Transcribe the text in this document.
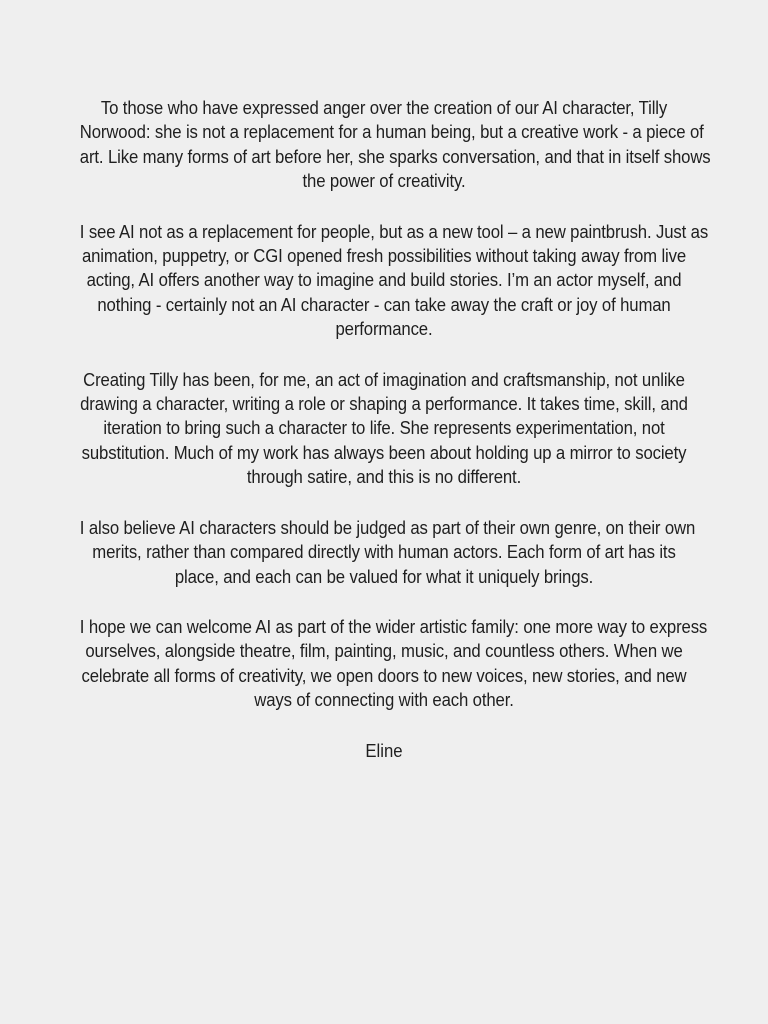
To those who have expressed anger over the creation of our AI character, Tilly
Norwood: she is not a replacement for a human being, but a creative work - a piece of
art. Like many forms of art before her, she sparks conversation, and that in itself shows
the power of creativity.

I see AI not as a replacement for people, but as a new tool – a new paintbrush. Just as
animation, puppetry, or CGI opened fresh possibilities without taking away from live
acting, AI offers another way to imagine and build stories. I’m an actor myself, and
nothing - certainly not an AI character - can take away the craft or joy of human
performance.

Creating Tilly has been, for me, an act of imagination and craftsmanship, not unlike
drawing a character, writing a role or shaping a performance. It takes time, skill, and
iteration to bring such a character to life. She represents experimentation, not
substitution. Much of my work has always been about holding up a mirror to society
through satire, and this is no different.

I also believe AI characters should be judged as part of their own genre, on their own
merits, rather than compared directly with human actors. Each form of art has its
place, and each can be valued for what it uniquely brings.

I hope we can welcome AI as part of the wider artistic family: one more way to express
ourselves, alongside theatre, film, painting, music, and countless others. When we
celebrate all forms of creativity, we open doors to new voices, new stories, and new
ways of connecting with each other.

Eline
